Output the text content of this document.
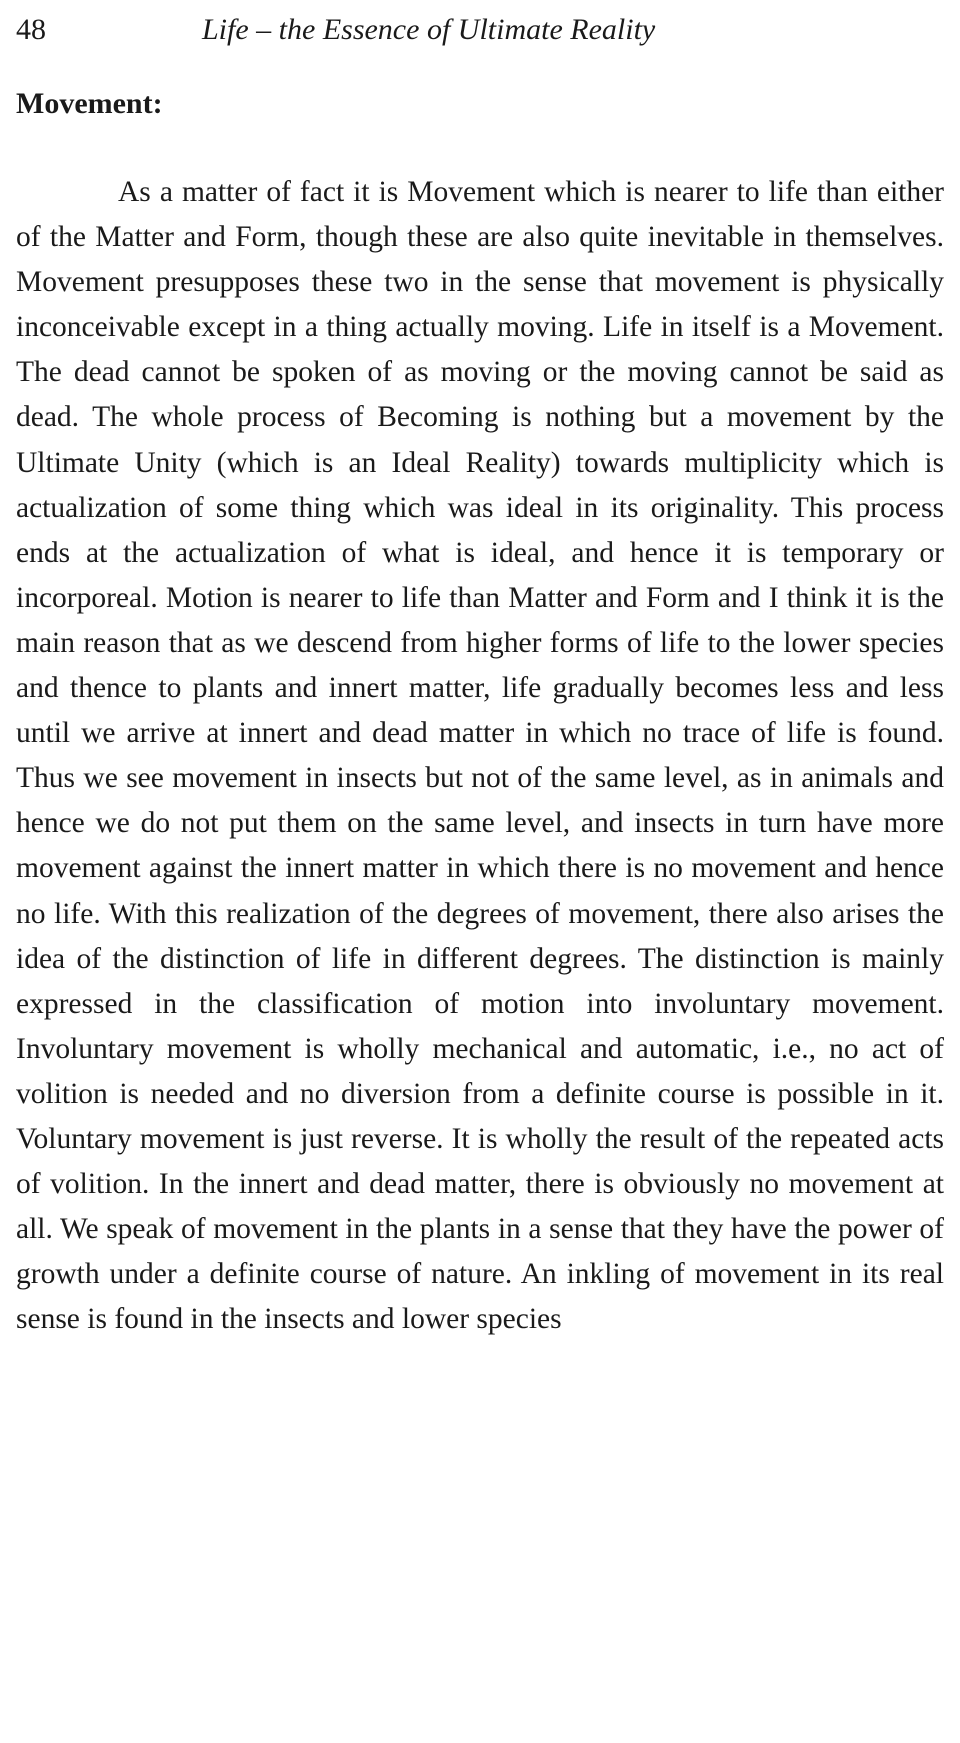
48	Life – the Essence of Ultimate Reality
Movement:

As a matter of fact it is Movement which is nearer to life than either of the Matter and Form, though these are also quite inevitable in themselves. Movement presupposes these two in the sense that movement is physically inconceivable except in a thing actually moving. Life in itself is a Movement. The dead cannot be spoken of as moving or the moving cannot be said as dead. The whole process of Becoming is nothing but a movement by the Ultimate Unity (which is an Ideal Reality) towards multiplicity which is actualization of some thing which was ideal in its originality. This process ends at the actualization of what is ideal, and hence it is temporary or incorporeal. Motion is nearer to life than Matter and Form and I think it is the main reason that as we descend from higher forms of life to the lower species and thence to plants and innert matter, life gradually becomes less and less until we arrive at innert and dead matter in which no trace of life is found. Thus we see movement in insects but not of the same level, as in animals and hence we do not put them on the same level, and insects in turn have more movement against the innert matter in which there is no movement and hence no life. With this realization of the degrees of movement, there also arises the idea of the distinction of life in different degrees. The distinction is mainly expressed in the classification of motion into involuntary movement. Involuntary movement is wholly mechanical and automatic, i.e., no act of volition is needed and no diversion from a definite course is possible in it. Voluntary movement is just reverse. It is wholly the result of the repeated acts of volition. In the innert and dead matter, there is obviously no movement at all. We speak of movement in the plants in a sense that they have the power of growth under a definite course of nature. An inkling of movement in its real sense is found in the insects and lower species
